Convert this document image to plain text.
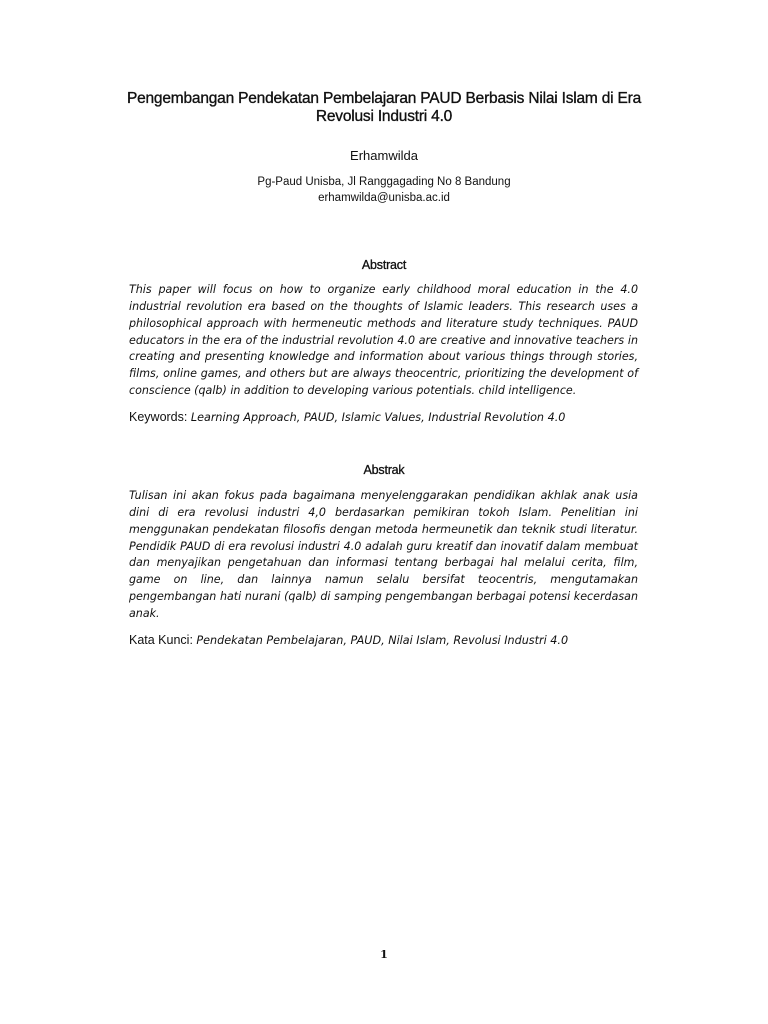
Pengembangan Pendekatan Pembelajaran PAUD Berbasis Nilai Islam di Era Revolusi Industri 4.0
Erhamwilda
Pg-Paud Unisba, Jl Ranggagading No 8 Bandung
erhamwilda@unisba.ac.id
Abstract

This paper will focus on how to organize early childhood moral education in the 4.0 industrial revolution era based on the thoughts of Islamic leaders. This research uses a philosophical approach with hermeneutic methods and literature study techniques. PAUD educators in the era of the industrial revolution 4.0 are creative and innovative teachers in creating and presenting knowledge and information about various things through stories, films, online games, and others but are always theocentric, prioritizing the development of conscience (qalb) in addition to developing various potentials. child intelligence.

Keywords: Learning Approach, PAUD, Islamic Values, Industrial Revolution 4.0
Abstrak

Tulisan ini akan fokus pada bagaimana menyelenggarakan pendidikan akhlak anak usia dini di era revolusi industri 4,0 berdasarkan pemikiran tokoh Islam. Penelitian ini menggunakan pendekatan filosofis dengan metoda hermeunetik dan teknik studi literatur. Pendidik PAUD di era revolusi industri 4.0 adalah guru kreatif dan inovatif dalam membuat dan menyajikan pengetahuan dan informasi tentang berbagai hal melalui cerita, film, game on line, dan lainnya namun selalu bersifat teocentris, mengutamakan pengembangan hati nurani (qalb) di samping pengembangan berbagai potensi kecerdasan anak.

Kata Kunci: Pendekatan Pembelajaran, PAUD, Nilai Islam, Revolusi Industri 4.0
1
